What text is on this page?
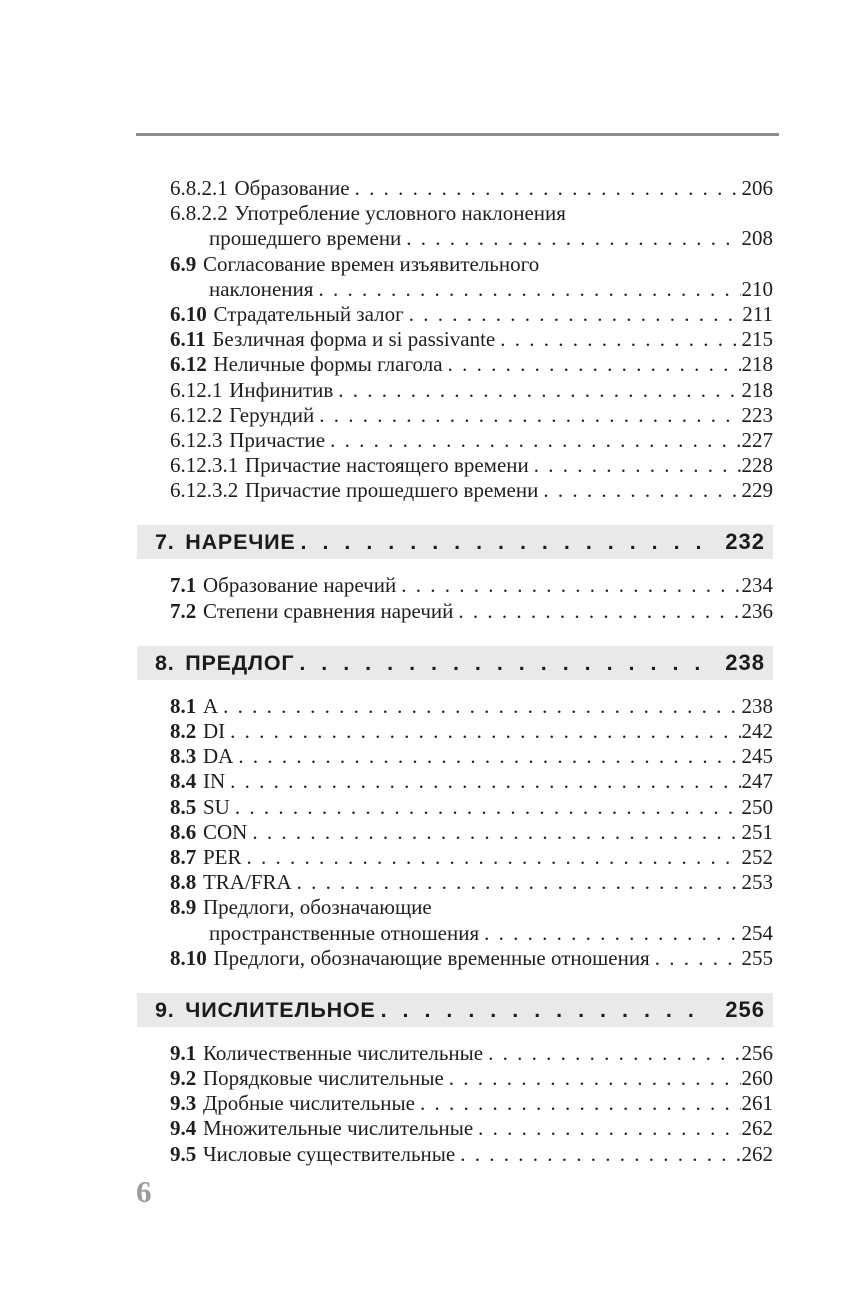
6.8.2.1 Образование . . .	206
6.8.2.2 Употребление условного наклонения
прошедшего времени . . .	208
6.9 Согласование времен изъявительного
наклонения . . .	210
6.10 Страдательный залог . . .	211
6.11 Безличная форма и si passivante . . .	215
6.12 Неличные формы глагола . . .	218
6.12.1 Инфинитив . . .	218
6.12.2 Герундий . . .	223
6.12.3 Причастие . . .	227
6.12.3.1 Причастие настоящего времени . . .	228
6.12.3.2 Причастие прошедшего времени . . .	229
7. НАРЕЧИЕ . . .	232
7.1 Образование наречий . . .	234
7.2 Степени сравнения наречий . . .	236
8. ПРЕДЛОГ . . .	238
8.1 A . . .	238
8.2 DI . . .	242
8.3 DA . . .	245
8.4 IN . . .	247
8.5 SU . . .	250
8.6 CON . . .	251
8.7 PER . . .	252
8.8 TRA/FRA . . .	253
8.9 Предлоги, обозначающие
пространственные отношения . . .	254
8.10 Предлоги, обозначающие временные отношения . . .	255
9. ЧИСЛИТЕЛЬНОЕ . . .	256
9.1 Количественные числительные . . .	256
9.2 Порядковые числительные . . .	260
9.3 Дробные числительные . . .	261
9.4 Множительные числительные . . .	262
9.5 Числовые существительные . . .	262
6
